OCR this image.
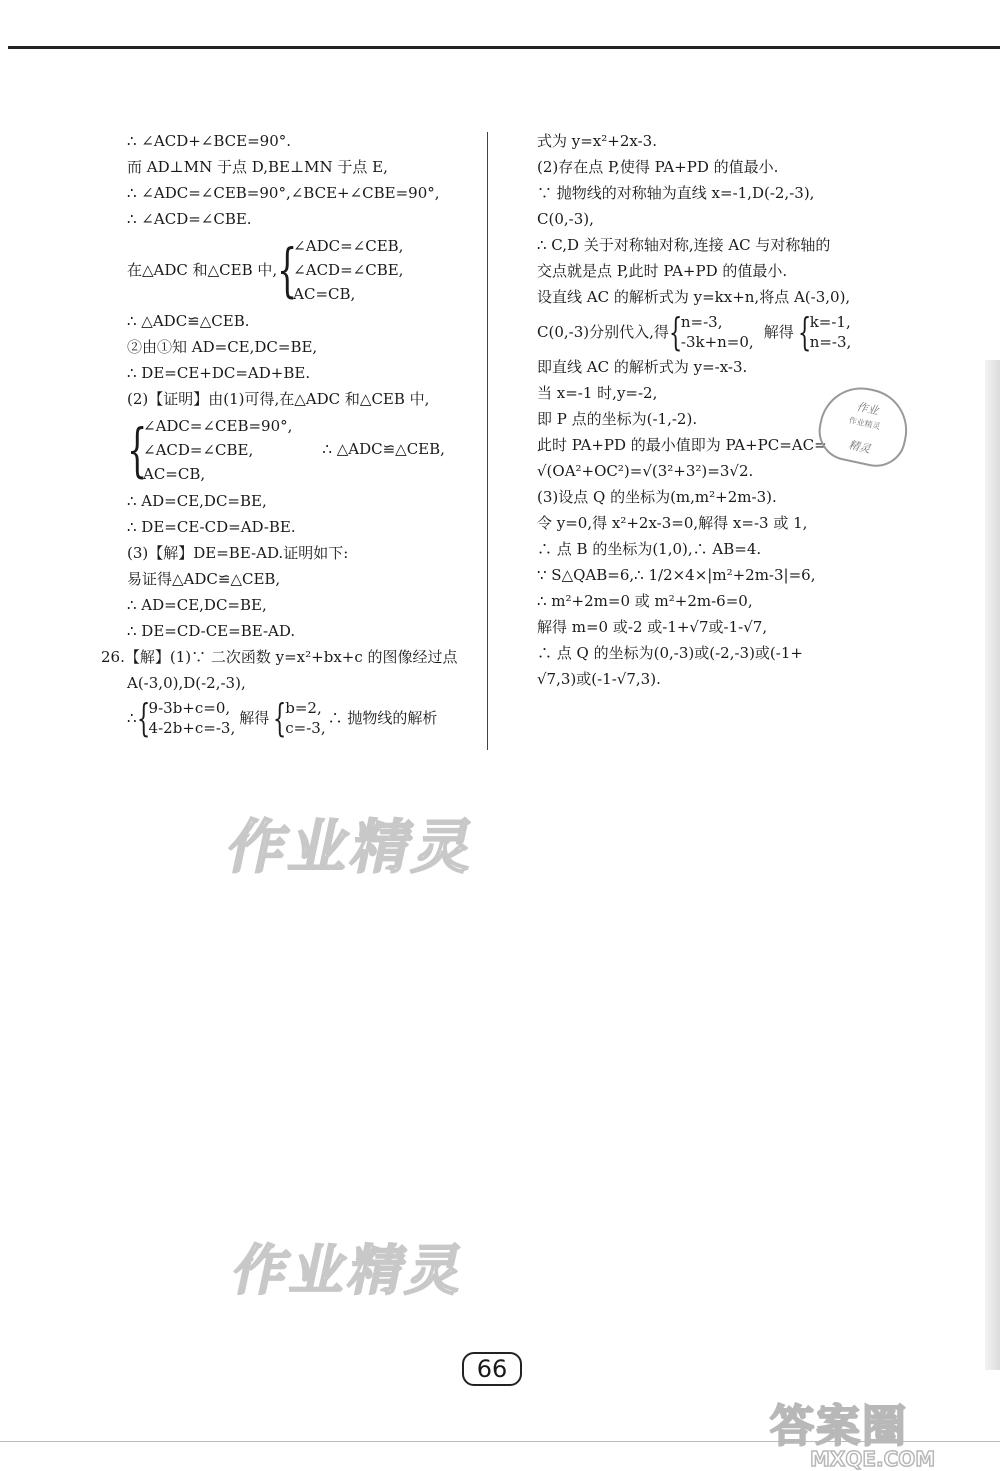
∴ ∠ACD+∠BCE=90°.
而 AD⊥MN 于点 D,BE⊥MN 于点 E,
∴ ∠ADC=∠CEB=90°,∠BCE+∠CBE=90°,
∴ ∠ACD=∠CBE.
在△ADC 和△CEB 中, {
∠ADC=∠CEB,
∠ACD=∠CBE,
AC=CB,
∴ △ADC≌△CEB.
②由①知 AD=CE,DC=BE,
∴ DE=CE+DC=AD+BE.
(2)【证明】由(1)可得,在△ADC 和△CEB 中,
{
∠ADC=∠CEB=90°,
∠ACD=∠CBE,
AC=CB,
∴ △ADC≌△CEB,
∴ AD=CE,DC=BE,
∴ DE=CE-CD=AD-BE.
(3)【解】DE=BE-AD.证明如下:
易证得△ADC≌△CEB,
∴ AD=CE,DC=BE,
∴ DE=CD-CE=BE-AD.
26.【解】(1)∵ 二次函数 y=x²+bx+c 的图像经过点
A(-3,0),D(-2,-3),
∴ {
9-3b+c=0,
4-2b+c=-3,
解得 {
b=2,
c=-3,
∴ 抛物线的解析
式为 y=x²+2x-3.
(2)存在点 P,使得 PA+PD 的值最小.
∵ 抛物线的对称轴为直线 x=-1,D(-2,-3),
C(0,-3),
∴ C,D 关于对称轴对称,连接 AC 与对称轴的
交点就是点 P,此时 PA+PD 的值最小.
设直线 AC 的解析式为 y=kx+n,将点 A(-3,0),
C(0,-3)分别代入,得 {
n=-3,
-3k+n=0,
解得 {
k=-1,
n=-3,
即直线 AC 的解析式为 y=-x-3.
当 x=-1 时,y=-2,
即 P 点的坐标为(-1,-2).
此时 PA+PD 的最小值即为 PA+PC=AC=
√(OA²+OC²)=√(3²+3²)=3√2.
(3)设点 Q 的坐标为(m,m²+2m-3).
令 y=0,得 x²+2x-3=0,解得 x=-3 或 1,
∴ 点 B 的坐标为(1,0),∴ AB=4.
∵ S△QAB=6,∴ 1/2×4×|m²+2m-3|=6,
∴ m²+2m=0 或 m²+2m-6=0,
解得 m=0 或-2 或-1+√7或-1-√7,
∴ 点 Q 的坐标为(0,-3)或(-2,-3)或(-1+
√7,3)或(-1-√7,3).
作业
作业精灵
精灵
作业精灵
作业精灵
66
答案圈
MXQE.COM
